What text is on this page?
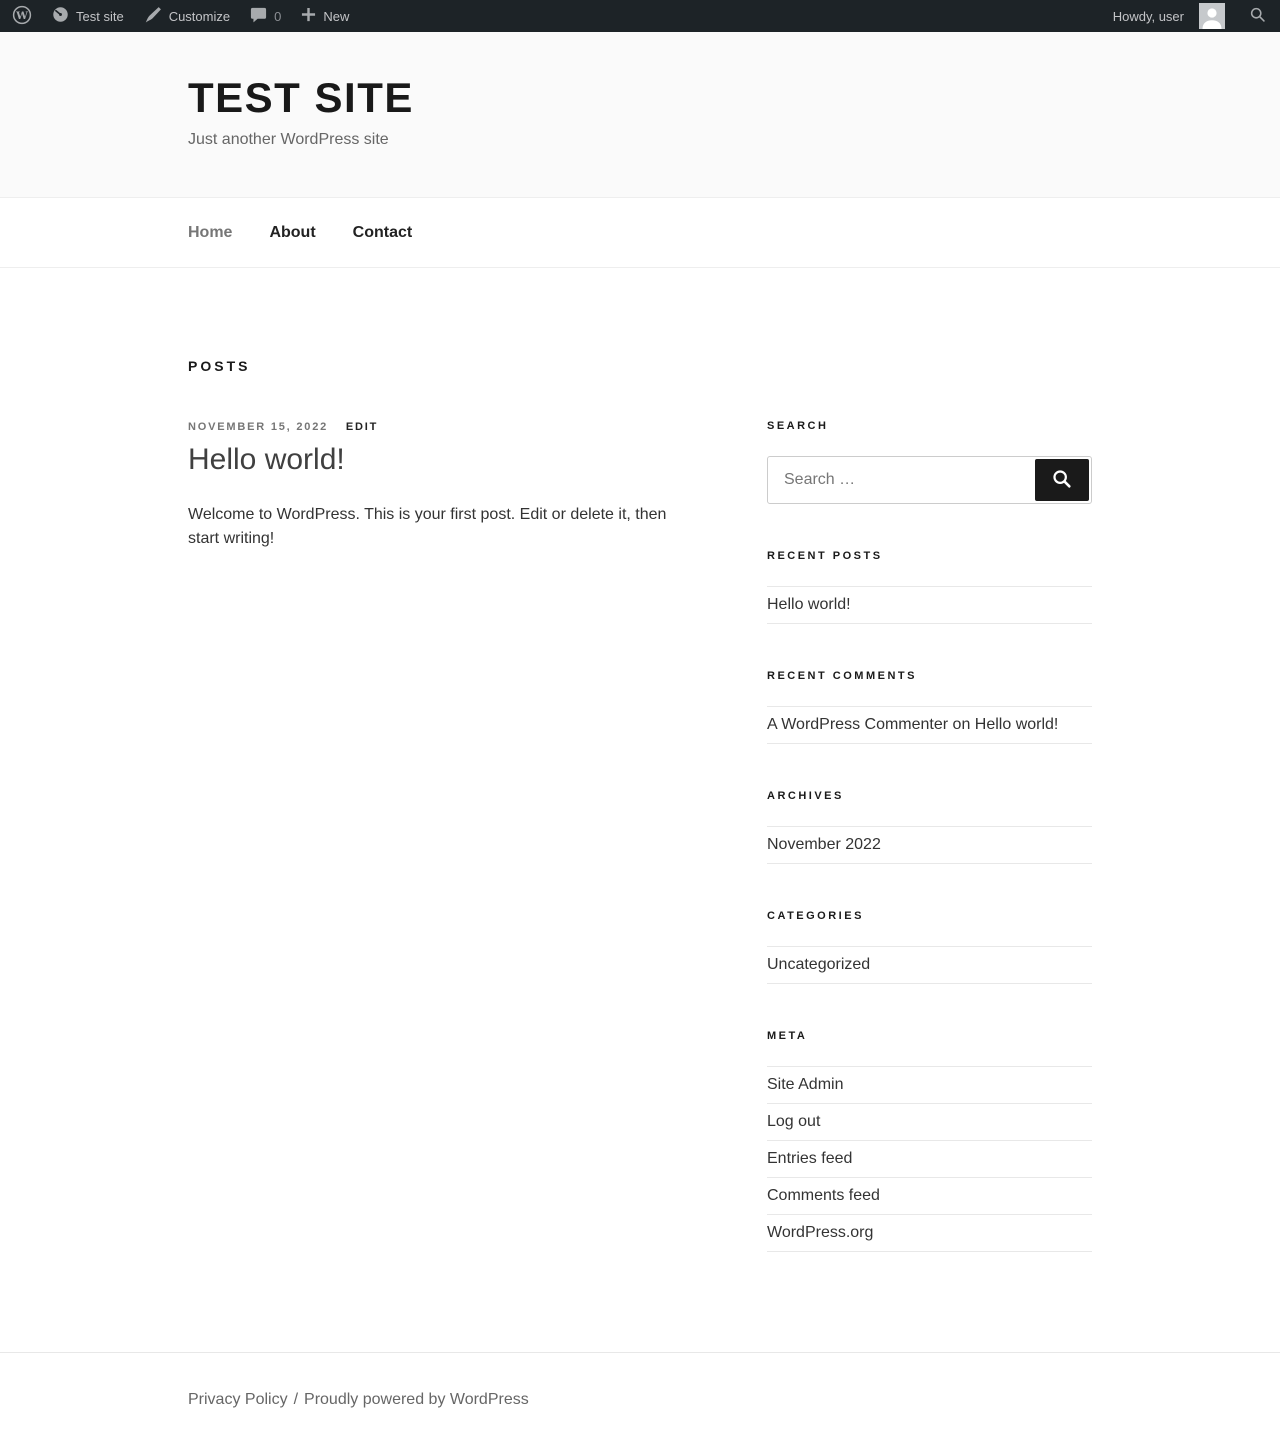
W	Test site	Customize	0	New	Howdy, user
TEST SITE
Just another WordPress site
Home About Contact
POSTS
NOVEMBER 15, 2022 EDIT
Hello world!
Welcome to WordPress. This is your first post. Edit or delete it, then start writing!
SEARCH
Search …
RECENT POSTS
Hello world!
RECENT COMMENTS
A WordPress Commenter on Hello world!
ARCHIVES
November 2022
CATEGORIES
Uncategorized
META
Site Admin
Log out
Entries feed
Comments feed
WordPress.org
Privacy Policy / Proudly powered by WordPress
